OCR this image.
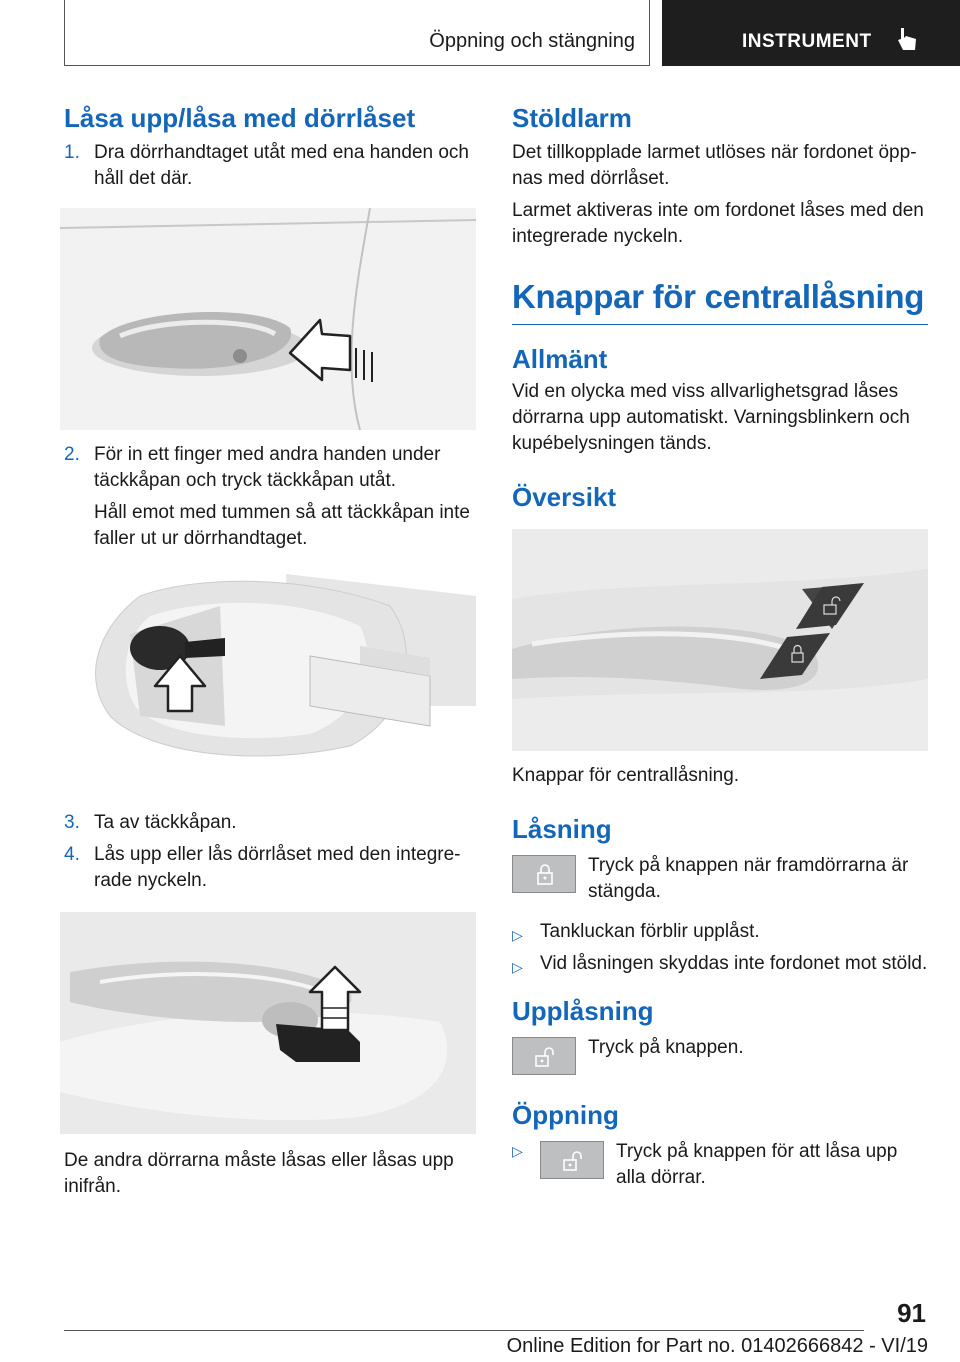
Öppning och stängning	INSTRUMENT
Låsa upp/låsa med dörrlåset
1. Dra dörrhandtaget utåt med ena handen och håll det där.
2. För in ett finger med andra handen under täckkåpan och tryck täckkåpan utåt.

Håll emot med tummen så att täckkåpan inte faller ut ur dörrhandtaget.

3. Ta av täckkåpan.
4. Lås upp eller lås dörrlåset med den integrerade nyckeln.

De andra dörrarna måste låsas eller låsas upp inifrån.

Stöldlarm

Det tillkopplade larmet utlöses när fordonet öppnas med dörrlåset.

Larmet aktiveras inte om fordonet låses med den integrerade nyckeln.

Knappar för centrallåsning
Allmänt

Vid en olycka med viss allvarlighetsgrad låses dörrarna upp automatiskt. Varningsblinkern och kupébelysningen tänds.

Översikt

Knappar för centrallåsning.

Låsning

Tryck på knappen när framdörrarna är stängda.

▷ Tankluckan förblir upplåst.
▷ Vid låsningen skyddas inte fordonet mot stöld.
Upplåsning

Tryck på knappen.

Öppning
▷	Tryck på knappen för att låsa upp alla dörrar.

91
Online Edition for Part no. 01402666842 - VI/19
